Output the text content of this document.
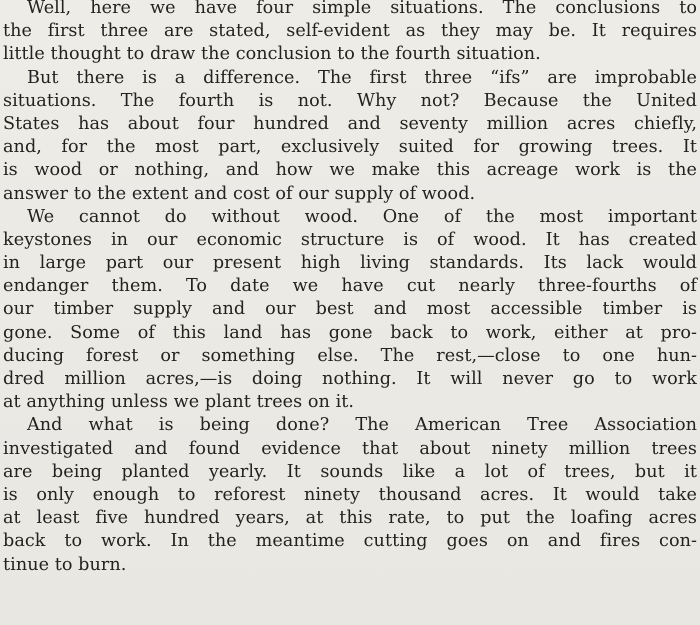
Well, here we have four simple situations. The conclusions to
the first three are stated, self-evident as they may be. It requires
little thought to draw the conclusion to the fourth situation.
But there is a difference. The first three “ifs” are improbable
situations. The fourth is not. Why not? Because the United
States has about four hundred and seventy million acres chiefly,
and, for the most part, exclusively suited for growing trees. It
is wood or nothing, and how we make this acreage work is the
answer to the extent and cost of our supply of wood.
We cannot do without wood. One of the most important
keystones in our economic structure is of wood. It has created
in large part our present high living standards. Its lack would
endanger them. To date we have cut nearly three-fourths of
our timber supply and our best and most accessible timber is
gone. Some of this land has gone back to work, either at pro-
ducing forest or something else. The rest,—close to one hun-
dred million acres,—is doing nothing. It will never go to work
at anything unless we plant trees on it.
And what is being done? The American Tree Association
investigated and found evidence that about ninety million trees
are being planted yearly. It sounds like a lot of trees, but it
is only enough to reforest ninety thousand acres. It would take
at least five hundred years, at this rate, to put the loafing acres
back to work. In the meantime cutting goes on and fires con-
tinue to burn.
